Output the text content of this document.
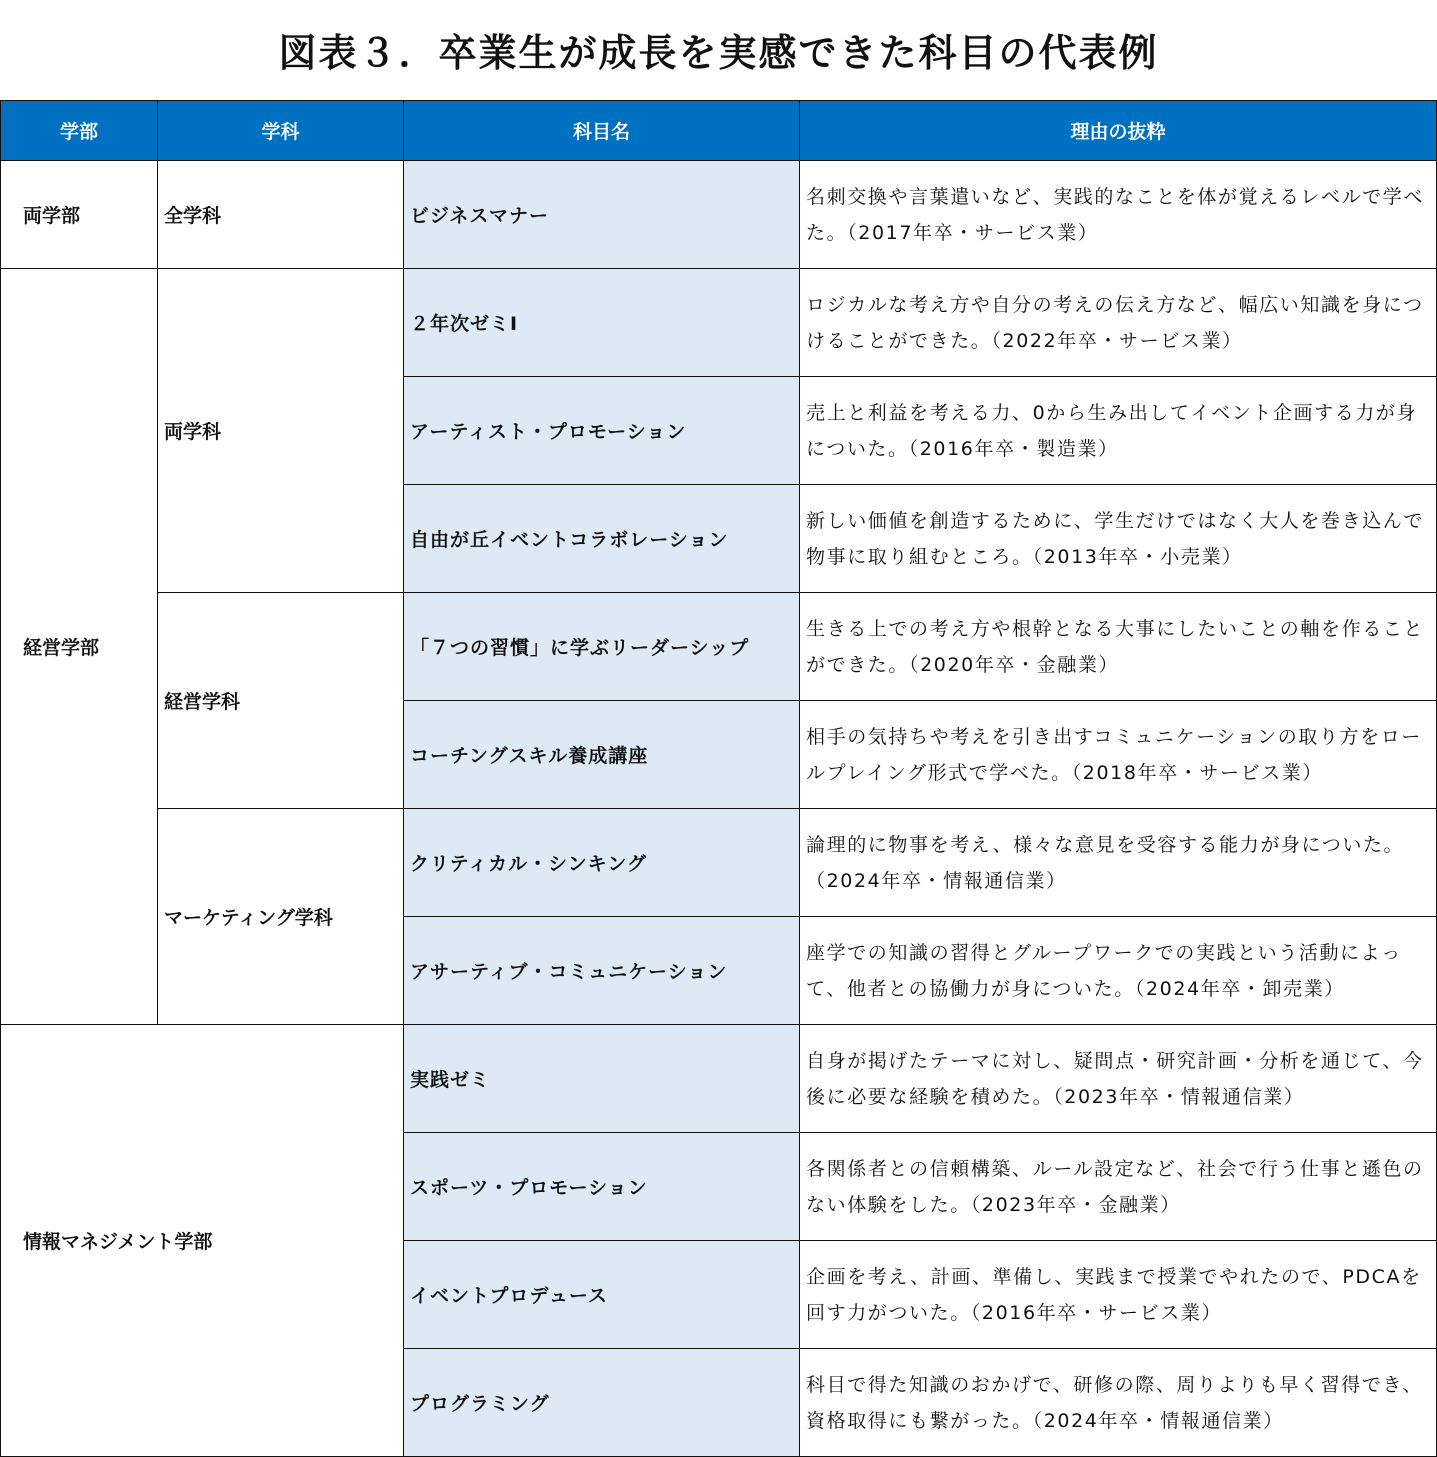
図表３．卒業生が成長を実感できた科目の代表例
学部	学科	科目名	理由の抜粋
両学部	全学科	ビジネスマナー	名刺交換や言葉遣いなど、実践的なことを体が覚えるレベルで学べた。（2017年卒・サービス業）
経営学部	両学科	２年次ゼミⅠ	ロジカルな考え方や自分の考えの伝え方など、幅広い知識を身につけることができた。（2022年卒・サービス業）
		アーティスト・プロモーション	売上と利益を考える力、0から生み出してイベント企画する力が身についた。（2016年卒・製造業）
		自由が丘イベントコラボレーション	新しい価値を創造するために、学生だけではなく大人を巻き込んで物事に取り組むところ。（2013年卒・小売業）
	経営学科	「７つの習慣」に学ぶリーダーシップ	生きる上での考え方や根幹となる大事にしたいことの軸を作ることができた。（2020年卒・金融業）
		コーチングスキル養成講座	相手の気持ちや考えを引き出すコミュニケーションの取り方をロールプレイング形式で学べた。（2018年卒・サービス業）
	マーケティング学科	クリティカル・シンキング	論理的に物事を考え、様々な意見を受容する能力が身についた。（2024年卒・情報通信業）
		アサーティブ・コミュニケーション	座学での知識の習得とグループワークでの実践という活動によって、他者との協働力が身についた。（2024年卒・卸売業）
情報マネジメント学部		実践ゼミ	自身が掲げたテーマに対し、疑問点・研究計画・分析を通じて、今後に必要な経験を積めた。（2023年卒・情報通信業）
		スポーツ・プロモーション	各関係者との信頼構築、ルール設定など、社会で行う仕事と遜色のない体験をした。（2023年卒・金融業）
		イベントプロデュース	企画を考え、計画、準備し、実践まで授業でやれたので、PDCAを回す力がついた。（2016年卒・サービス業）
		プログラミング	科目で得た知識のおかげで、研修の際、周りよりも早く習得でき、資格取得にも繋がった。（2024年卒・情報通信業）
